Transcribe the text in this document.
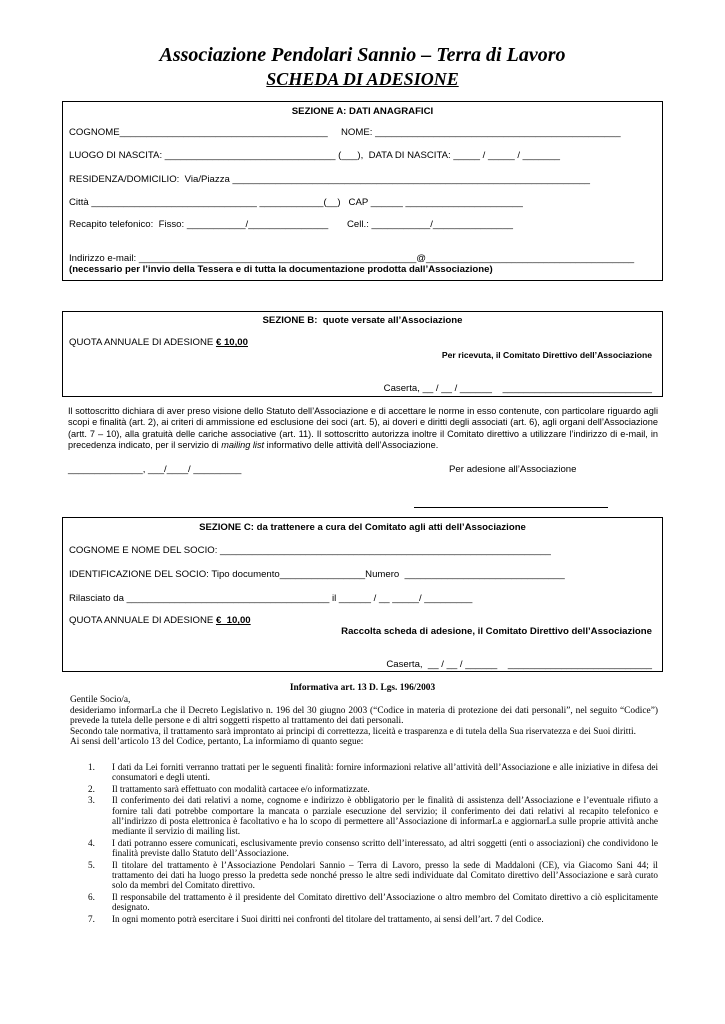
Associazione Pendolari Sannio – Terra di Lavoro
SCHEDA DI ADESIONE
SEZIONE A: DATI ANAGRAFICI
COGNOME_______________________________________ NOME: ______________________________________________
LUOGO DI NASCITA: ________________________________ (___),  DATA DI NASCITA: _____ / _____ / _______
RESIDENZA/DOMICILIO:  Via/Piazza ___________________________________________________________________
Città _______________________________ ____________(__)   CAP ______ ______________________
Recapito telefonico:  Fisso: ___________/_______________ Cell.: ___________/_______________
Indirizzo e-mail: ____________________________________________________@_______________________________________
(necessario per l’invio della Tessera e di tutta la documentazione prodotta dall’Associazione)
SEZIONE B:  quote versate all’Associazione
QUOTA ANNUALE DI ADESIONE € 10,00
Per ricevuta, il Comitato Direttivo dell’Associazione
Caserta, __ / __ / ______    ____________________________
Il sottoscritto dichiara di aver preso visione dello Statuto dell’Associazione e di accettare le norme in esso contenute, con particolare riguardo agli scopi e finalità (art. 2), ai criteri di ammissione ed esclusione dei soci (art. 5), ai doveri e diritti degli associati (art. 6), agli organi dell’Associazione (artt. 7 – 10), alla gratuità delle cariche associative (art. 11). Il sottoscritto autorizza inoltre il Comitato direttivo a utilizzare l’indirizzo di e-mail, in precedenza indicato, per il servizio di mailing list informativo delle attività dell’Associazione.
______________, ___/____/ _________	Per adesione all’Associazione
SEZIONE C: da trattenere a cura del Comitato agli atti dell’Associazione
COGNOME E NOME DEL SOCIO: ______________________________________________________________
IDENTIFICAZIONE DEL SOCIO: Tipo documento________________Numero  ______________________________
Rilasciato da ______________________________________ il ______ / __ _____/ _________
QUOTA ANNUALE DI ADESIONE €  10,00
Raccolta scheda di adesione, il Comitato Direttivo dell’Associazione
Caserta,  __ / __ / ______    ___________________________
Informativa art. 13 D. Lgs. 196/2003
Gentile Socio/a,
desideriamo informarLa che il Decreto Legislativo n. 196 del 30 giugno 2003 (“Codice in materia di protezione dei dati personali”, nel seguito “Codice”) prevede la tutela delle persone e di altri soggetti rispetto al trattamento dei dati personali.
Secondo tale normativa, il trattamento sarà improntato ai principi di correttezza, liceità e trasparenza e di tutela della Sua riservatezza e dei Suoi diritti.
Ai sensi dell’articolo 13 del Codice, pertanto, La informiamo di quanto segue:
1. I dati da Lei forniti verranno trattati per le seguenti finalità: fornire informazioni relative all’attività dell’Associazione e alle iniziative in difesa dei consumatori e degli utenti.
2. Il trattamento sarà effettuato con modalità cartacee e/o informatizzate.
3. Il conferimento dei dati relativi a nome, cognome e indirizzo è obbligatorio per le finalità di assistenza dell’Associazione e l’eventuale rifiuto a fornire tali dati potrebbe comportare la mancata o parziale esecuzione del servizio; il conferimento dei dati relativi al recapito telefonico e all’indirizzo di posta elettronica è facoltativo e ha lo scopo di permettere all’Associazione di informarLa e aggiornarLa sulle proprie attività anche mediante il servizio di mailing list.
4. I dati potranno essere comunicati, esclusivamente previo consenso scritto dell’interessato, ad altri soggetti (enti o associazioni) che condividono le finalità previste dallo Statuto dell’Associazione.
5. Il titolare del trattamento è l’Associazione Pendolari Sannio – Terra di Lavoro, presso la sede di Maddaloni (CE), via Giacomo Sani 44; il trattamento dei dati ha luogo presso la predetta sede nonché presso le altre sedi individuate dal Comitato direttivo dell’Associazione e sarà curato solo da membri del Comitato direttivo.
6. Il responsabile del trattamento è il presidente del Comitato direttivo dell’Associazione o altro membro del Comitato direttivo a ciò esplicitamente designato.
7. In ogni momento potrà esercitare i Suoi diritti nei confronti del titolare del trattamento, ai sensi dell’art. 7 del Codice.
